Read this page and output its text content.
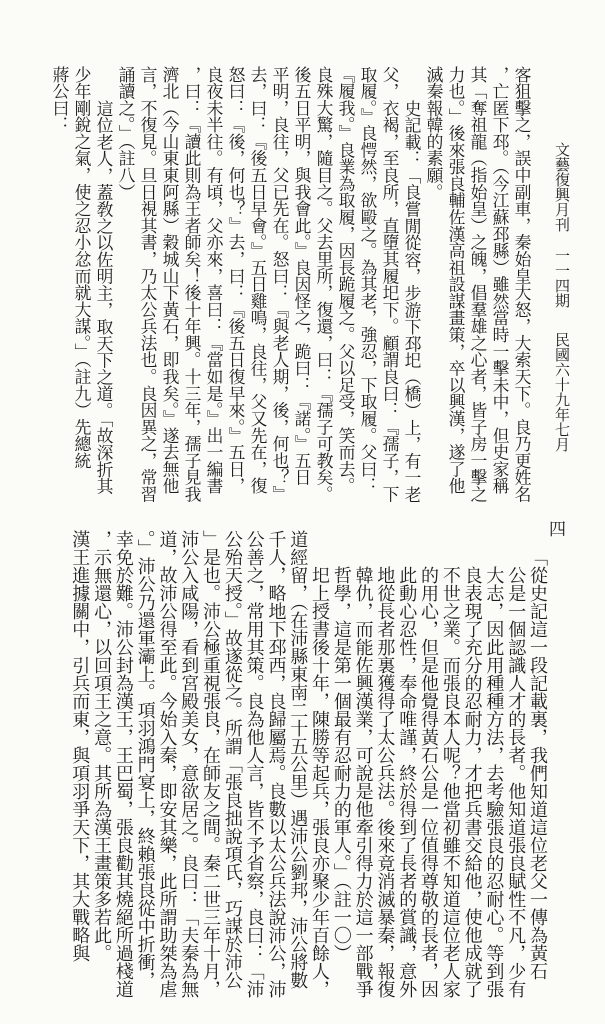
文藝復興月刊一一四期民國六十九年七月
四
客狙擊之，誤中副車，秦始皇大怒，大索天下。良乃更姓名
，亡匿下邳。（今江蘇邳縣）雖然當時一擊未中，但史家稱
其「奪祖龍（指始皇）之魄，倡羣雄之心者，皆子房一擊之
力也。」後來張良輔佐漢高祖設謀畫策，卒以興漢，遂了他
滅秦報韓的素願。
史記載：「良嘗閒從容，步游下邳圯（橋）上，有一老
父，衣褐，至良所，直墮其履圯下。顧謂良曰：『孺子，下
取履。』良愕然，欲毆之。為其老，強忍，下取履。父曰：
『履我。』良業為取履，因長跪履之。父以足受，笑而去。
良殊大驚，隨目之。父去里所，復還，曰：『孺子可教矣。
後五日平明，與我會此。』良因怪之，跪曰：『諾。』五日
平明，良往，父已先在。怒曰：『與老人期，後，何也？』
去，曰：『後五日早會。』五日雞鳴，良往，父又先在，復
怒曰：『後，何也？』去，曰：『後五日復早來。』五日，
良夜未半往。有頃，父亦來，喜曰：『當如是。』出一編書
，曰：『讀此則為王者師矣！後十年興。十三年，孺子見我
濟北（今山東東阿縣）穀城山下黃石，即我矣。』遂去無他
言，不復見。旦日視其書，乃太公兵法也。良因異之，常習
誦讀之。」（註八）
這位老人，蓋敎之以佐明主，取天下之道。「故深折其
少年剛銳之氣，使之忍小忿而就大謀。」（註九）先總統
蔣公曰：
「從史記這一段記載裏，我們知道這位老父一傳為黃石
公是一個認識人才的長者。他知道張良賦性不凡，少有
大志，因此用種種方法，去考驗張良的忍耐心。等到張
良表現了充分的忍耐力，才把兵書交給他，使他成就了
不世之業。而張良本人呢？他當初雖不知道這位老人家
的用心，但是他覺得黃石公是一位值得尊敬的長者，因
此動心忍性，奉命唯謹，終於得到了長者的賞識，意外
地從長者那裏獲得了太公兵法。後來竟消滅暴秦，報復
韓仇，而能佐興漢業，可說是他牽引得力於這一部戰爭
哲學，這是第一個最有忍耐力的軍人。」（註一〇）
圯上授書後十年，陳勝等起兵，張良亦聚少年百餘人，
道經留，（在沛縣東南二十五公里）遇沛公劉邦，沛公將數
千人，略地下邳西，良歸屬焉。良數以太公兵法說沛公，沛
公善之，常用其策。良為他人言，皆不予省察，良曰：「沛
公殆天授。」故遂從之。所謂「張良拙說項氏，巧謀於沛公
」是也。沛公極重視張良，在師友之間。秦二世三年十月，
沛公入咸陽，看到宮殿美女，意欲居之。良曰：「夫秦為無
道，故沛公得至此。今始入秦，即安其樂，此所謂助桀為虐
。」沛公乃還軍灞上。項羽鴻門宴上，終賴張良從中折衝，
幸免於難。沛公封為漢王，王巴蜀，張良勸其燒絕所過棧道
，示無還心，以回項王之意。其所為漢王畫策多若此。
漢王進據關中，引兵而東，與項羽爭天下，其大戰略與
